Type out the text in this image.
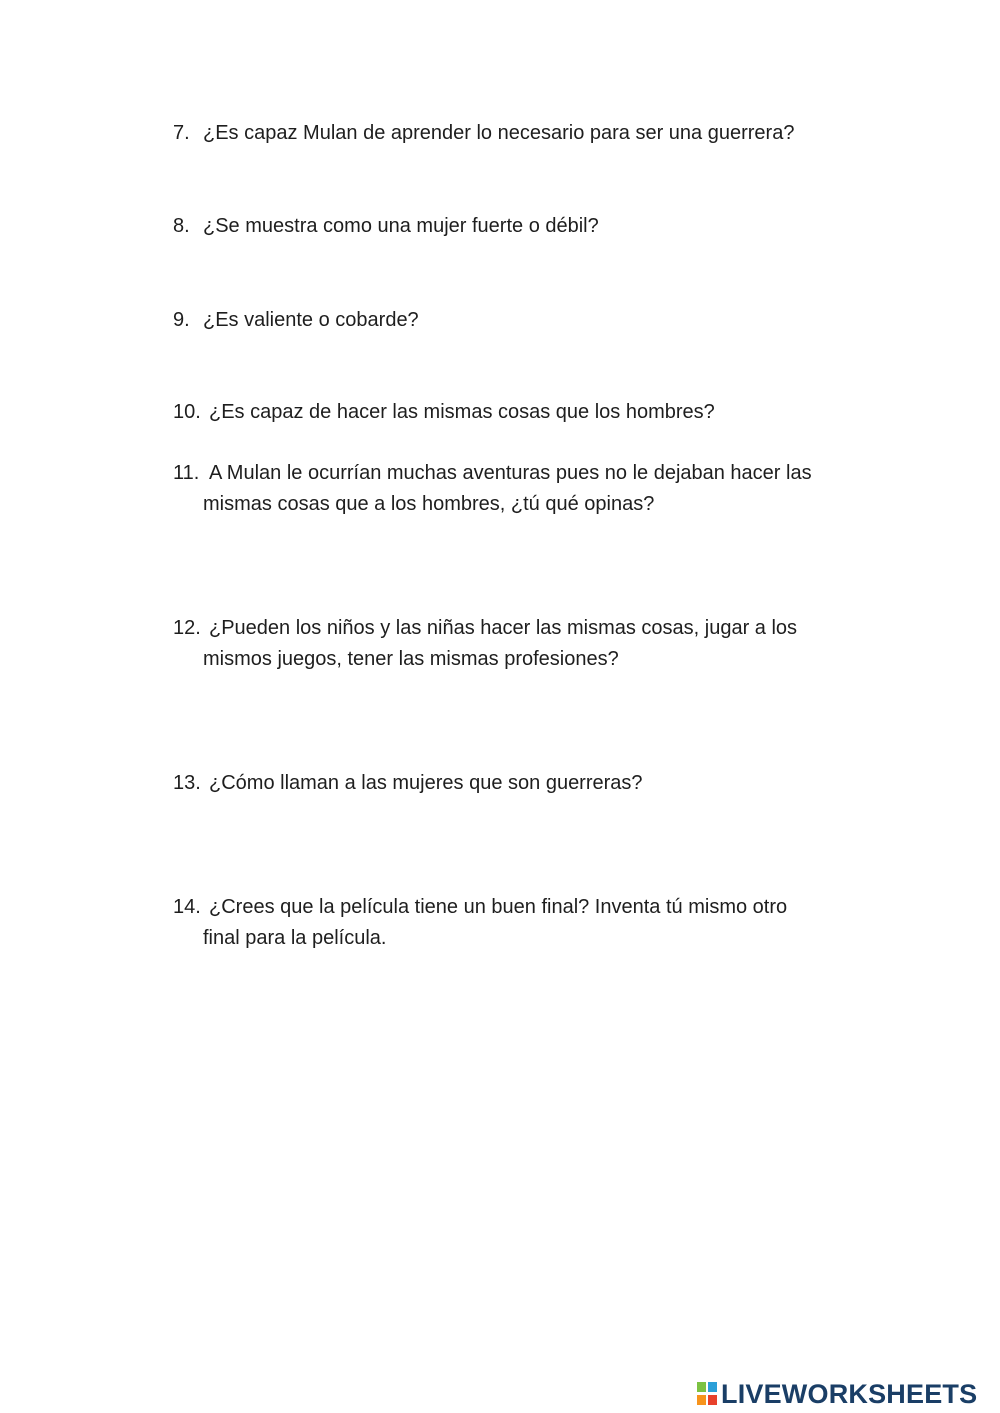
7. ¿Es capaz Mulan de aprender lo necesario para ser una guerrera?
8. ¿Se muestra como una mujer fuerte o débil?
9. ¿Es valiente o cobarde?
10. ¿Es capaz de hacer las mismas cosas que los hombres?
11. A Mulan le ocurrían muchas aventuras pues no le dejaban hacer las
mismas cosas que a los hombres, ¿tú qué opinas?
12. ¿Pueden los niños y las niñas hacer las mismas cosas, jugar a los
mismos juegos, tener las mismas profesiones?
13. ¿Cómo llaman a las mujeres que son guerreras?
14. ¿Crees que la película tiene un buen final? Inventa tú mismo otro
final para la película.
LIVEWORKSHEETS
